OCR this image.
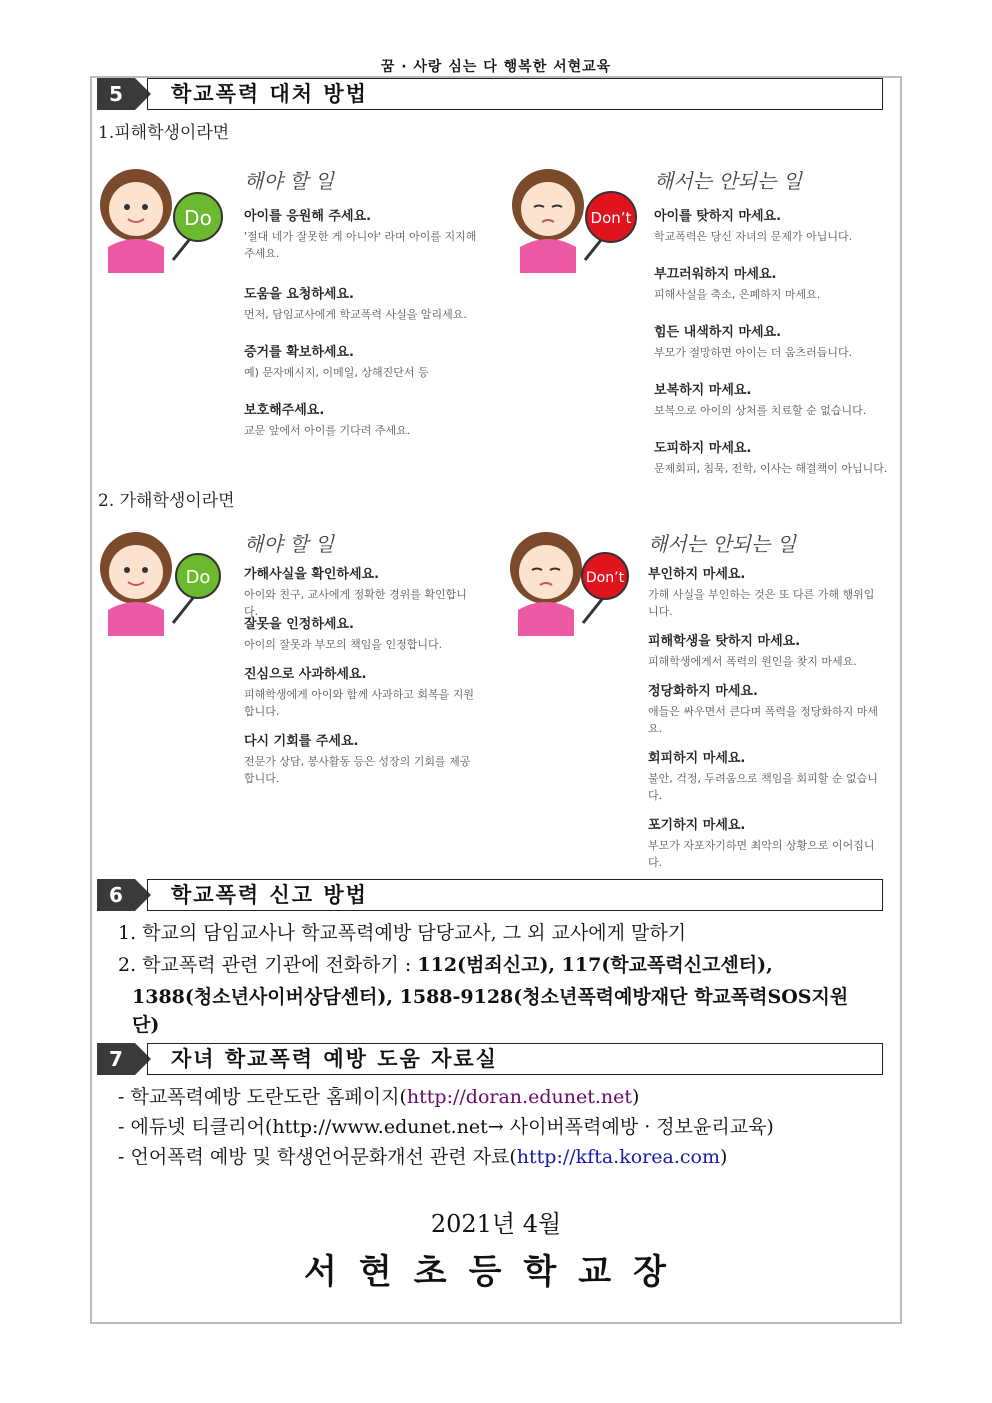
꿈 · 사랑 심는 다 행복한 서현교육
5	학교폭력 대처 방법
1.피해학생이라면
Do
해야 할 일
아이를 응원해 주세요.
'절대 네가 잘못한 게 아니야' 라며 아이를 지지해 주세요.
도움을 요청하세요.
먼저, 담임교사에게 학교폭력 사실을 알리세요.
증거를 확보하세요.
예) 문자메시지, 이메일, 상해진단서 등
보호해주세요.
교문 앞에서 아이를 기다려 주세요.
Don’t
해서는 안되는 일
아이를 탓하지 마세요.
학교폭력은 당신 자녀의 문제가 아닙니다.
부끄러워하지 마세요.
피해사실을 축소, 은폐하지 마세요.
힘든 내색하지 마세요.
부모가 절망하면 아이는 더 움츠러듭니다.
보복하지 마세요.
보복으로 아이의 상처를 치료할 순 없습니다.
도피하지 마세요.
문제회피, 침묵, 전학, 이사는 해결책이 아닙니다.
2. 가해학생이라면
Do
해야 할 일
가해사실을 확인하세요.
아이와 친구, 교사에게 정확한 경위를 확인합니다.
잘못을 인정하세요.
아이의 잘못과 부모의 책임을 인정합니다.
진심으로 사과하세요.
피해학생에게 아이와 함께 사과하고 회복을 지원합니다.
다시 기회를 주세요.
전문가 상담, 봉사활동 등은 성장의 기회를 제공합니다.
Don’t
해서는 안되는 일
부인하지 마세요.
가해 사실을 부인하는 것은 또 다른 가해 행위입니다.
피해학생을 탓하지 마세요.
피해학생에게서 폭력의 원인을 찾지 마세요.
정당화하지 마세요.
애들은 싸우면서 큰다며 폭력을 정당화하지 마세요.
회피하지 마세요.
불안, 걱정, 두려움으로 책임을 회피할 순 없습니다.
포기하지 마세요.
부모가 자포자기하면 최악의 상황으로 이어집니다.
6	학교폭력 신고 방법
1. 학교의 담임교사나 학교폭력예방 담당교사, 그 외 교사에게 말하기
2. 학교폭력 관련 기관에 전화하기 : 112(범죄신고), 117(학교폭력신고센터),
1388(청소년사이버상담센터), 1588-9128(청소년폭력예방재단 학교폭력SOS지원
단)
7	자녀 학교폭력 예방 도움 자료실
- 학교폭력예방 도란도란 홈페이지(http://doran.edunet.net)
- 에듀넷 티클리어(http://www.edunet.net→ 사이버폭력예방 · 정보윤리교육)
- 언어폭력 예방 및 학생언어문화개선 관련 자료(http://kfta.korea.com)
2021년 4월
서현초등학교장
